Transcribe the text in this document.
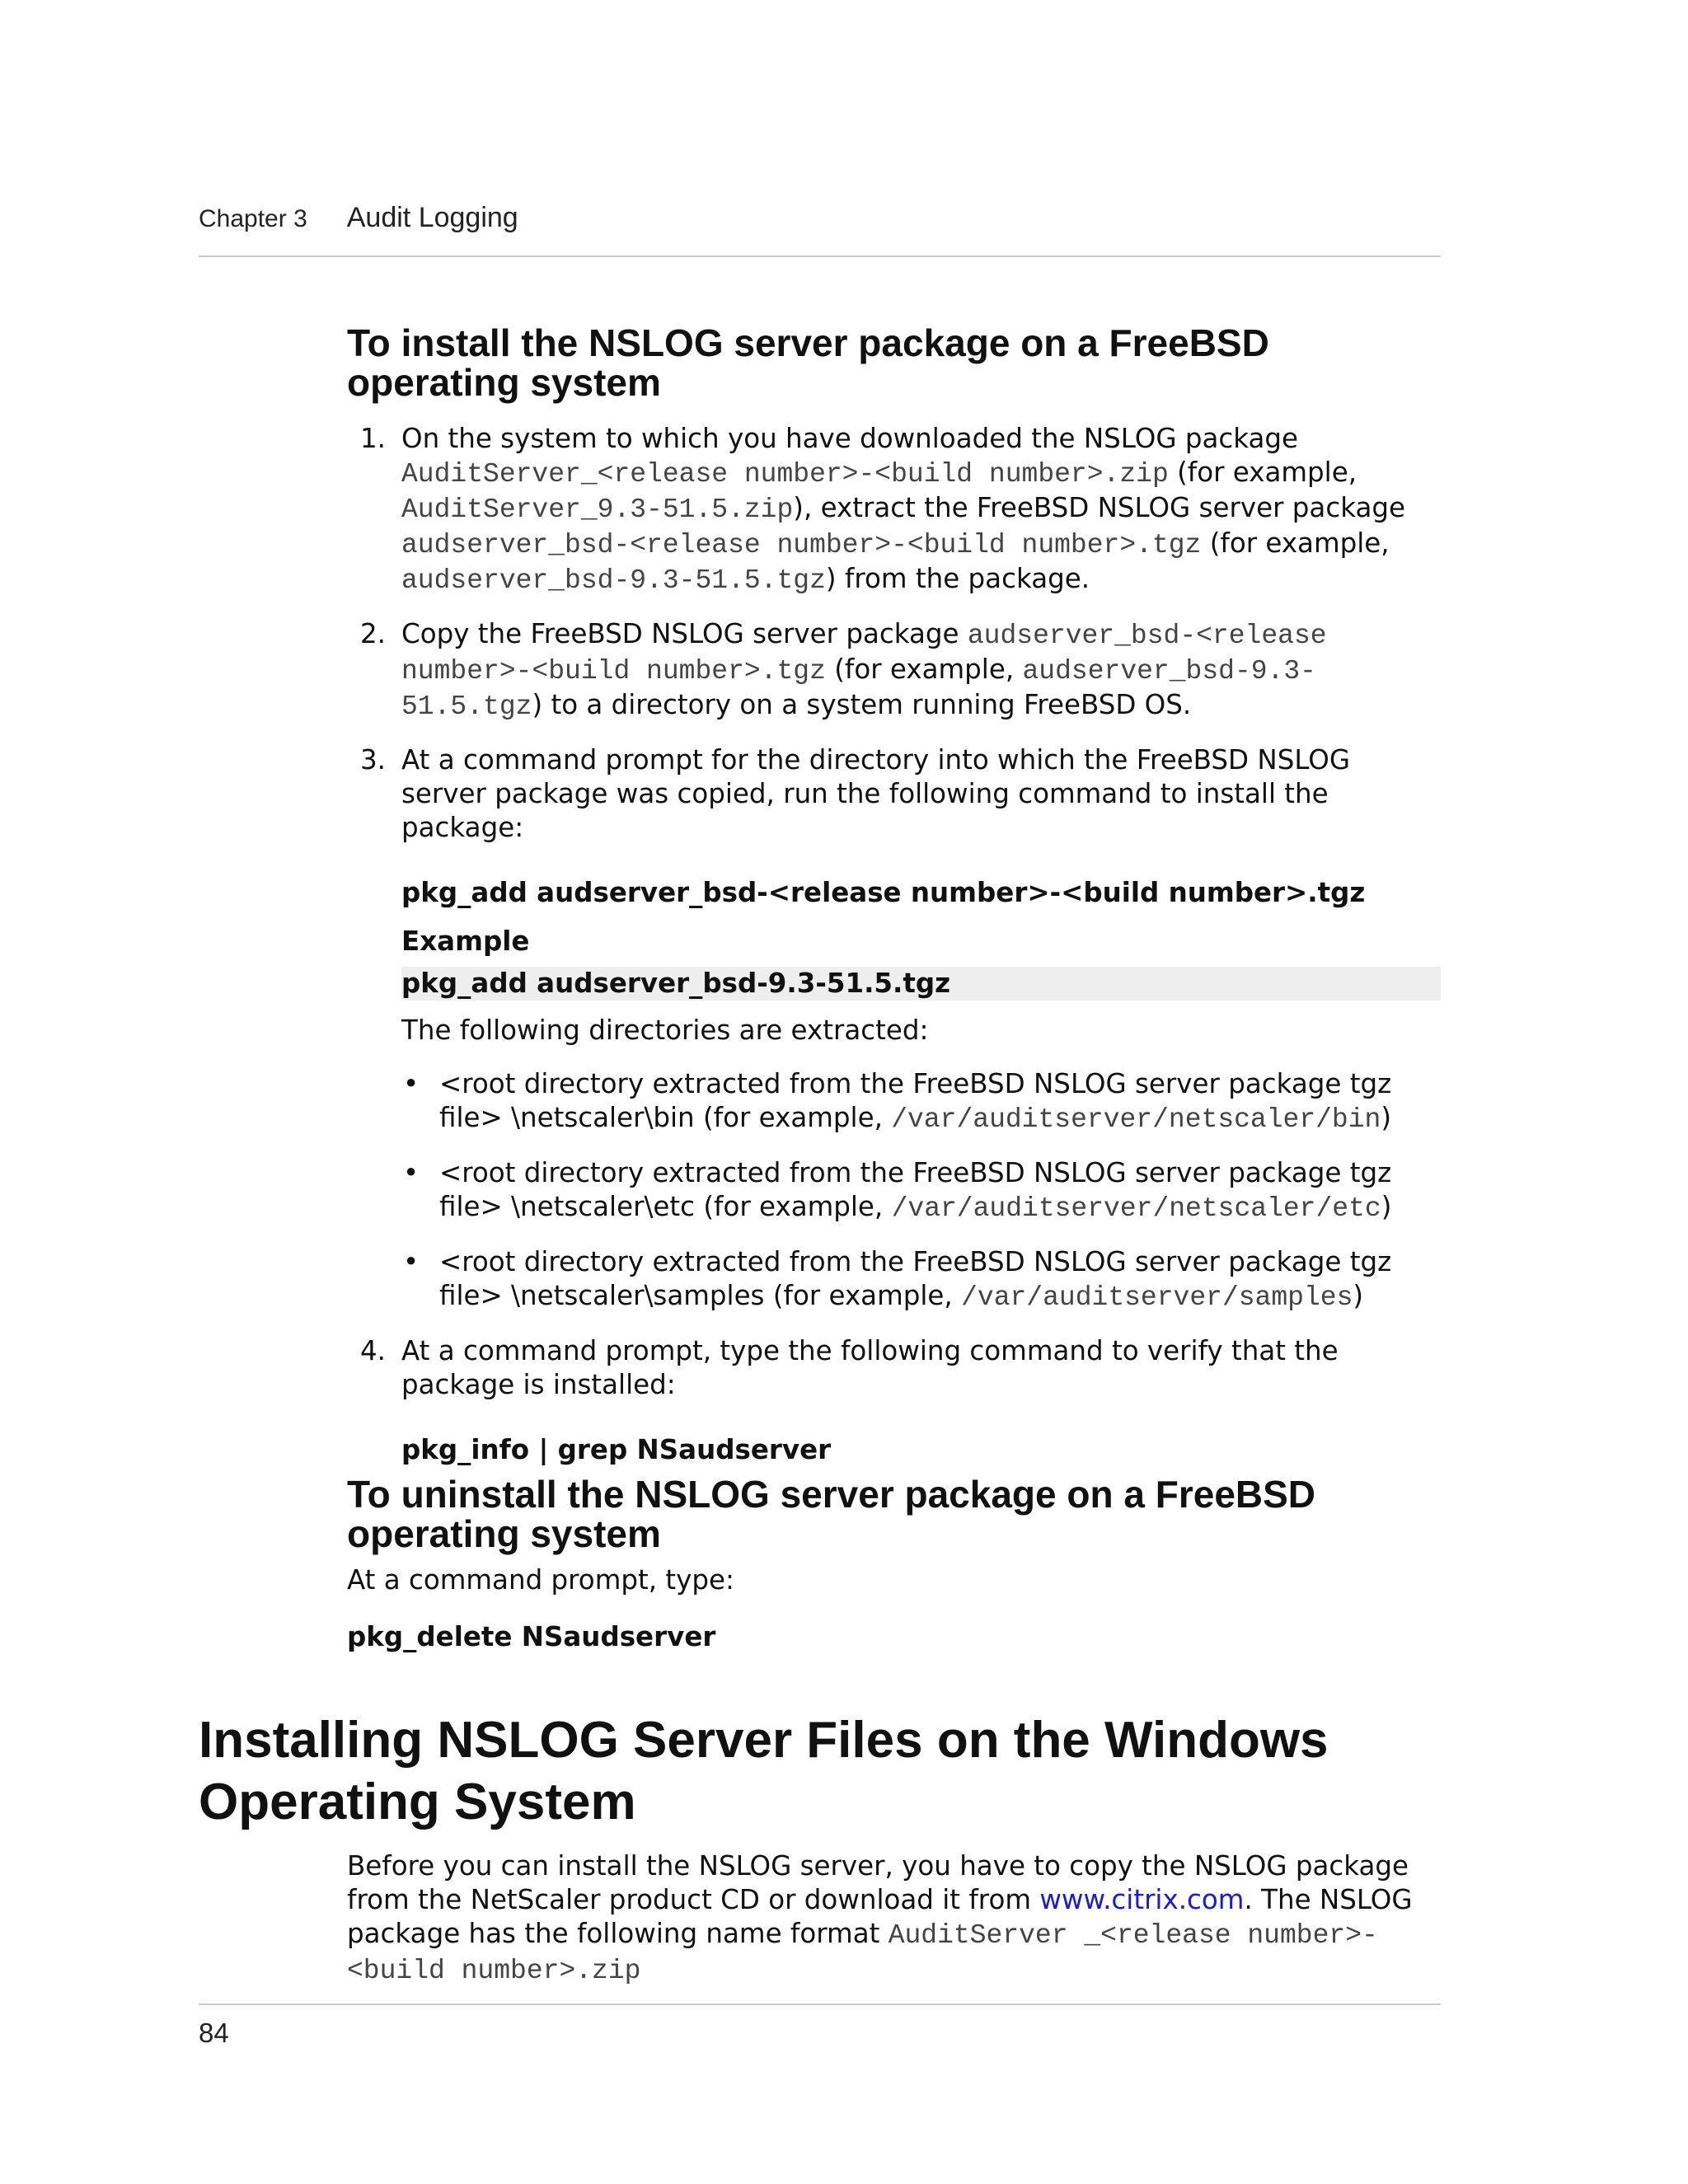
Chapter 3 Audit Logging
To install the NSLOG server package on a FreeBSD operating system
1. On the system to which you have downloaded the NSLOG package AuditServer_<release number>-<build number>.zip (for example, AuditServer_9.3-51.5.zip), extract the FreeBSD NSLOG server package audserver_bsd-<release number>-<build number>.tgz (for example, audserver_bsd-9.3-51.5.tgz) from the package.
2. Copy the FreeBSD NSLOG server package audserver_bsd-<release number>-<build number>.tgz (for example, audserver_bsd-9.3-51.5.tgz) to a directory on a system running FreeBSD OS.
3. At a command prompt for the directory into which the FreeBSD NSLOG server package was copied, run the following command to install the package:
pkg_add audserver_bsd-<release number>-<build number>.tgz
Example
pkg_add audserver_bsd-9.3-51.5.tgz
The following directories are extracted:
• <root directory extracted from the FreeBSD NSLOG server package tgz file> \netscaler\bin (for example, /var/auditserver/netscaler/bin)
• <root directory extracted from the FreeBSD NSLOG server package tgz file> \netscaler\etc (for example, /var/auditserver/netscaler/etc)
• <root directory extracted from the FreeBSD NSLOG server package tgz file> \netscaler\samples (for example, /var/auditserver/samples)
4. At a command prompt, type the following command to verify that the package is installed:
pkg_info | grep NSaudserver
To uninstall the NSLOG server package on a FreeBSD operating system
At a command prompt, type:
pkg_delete NSaudserver
Installing NSLOG Server Files on the Windows Operating System
Before you can install the NSLOG server, you have to copy the NSLOG package from the NetScaler product CD or download it from www.citrix.com. The NSLOG package has the following name format AuditServer _<release number>-<build number>.zip
84
